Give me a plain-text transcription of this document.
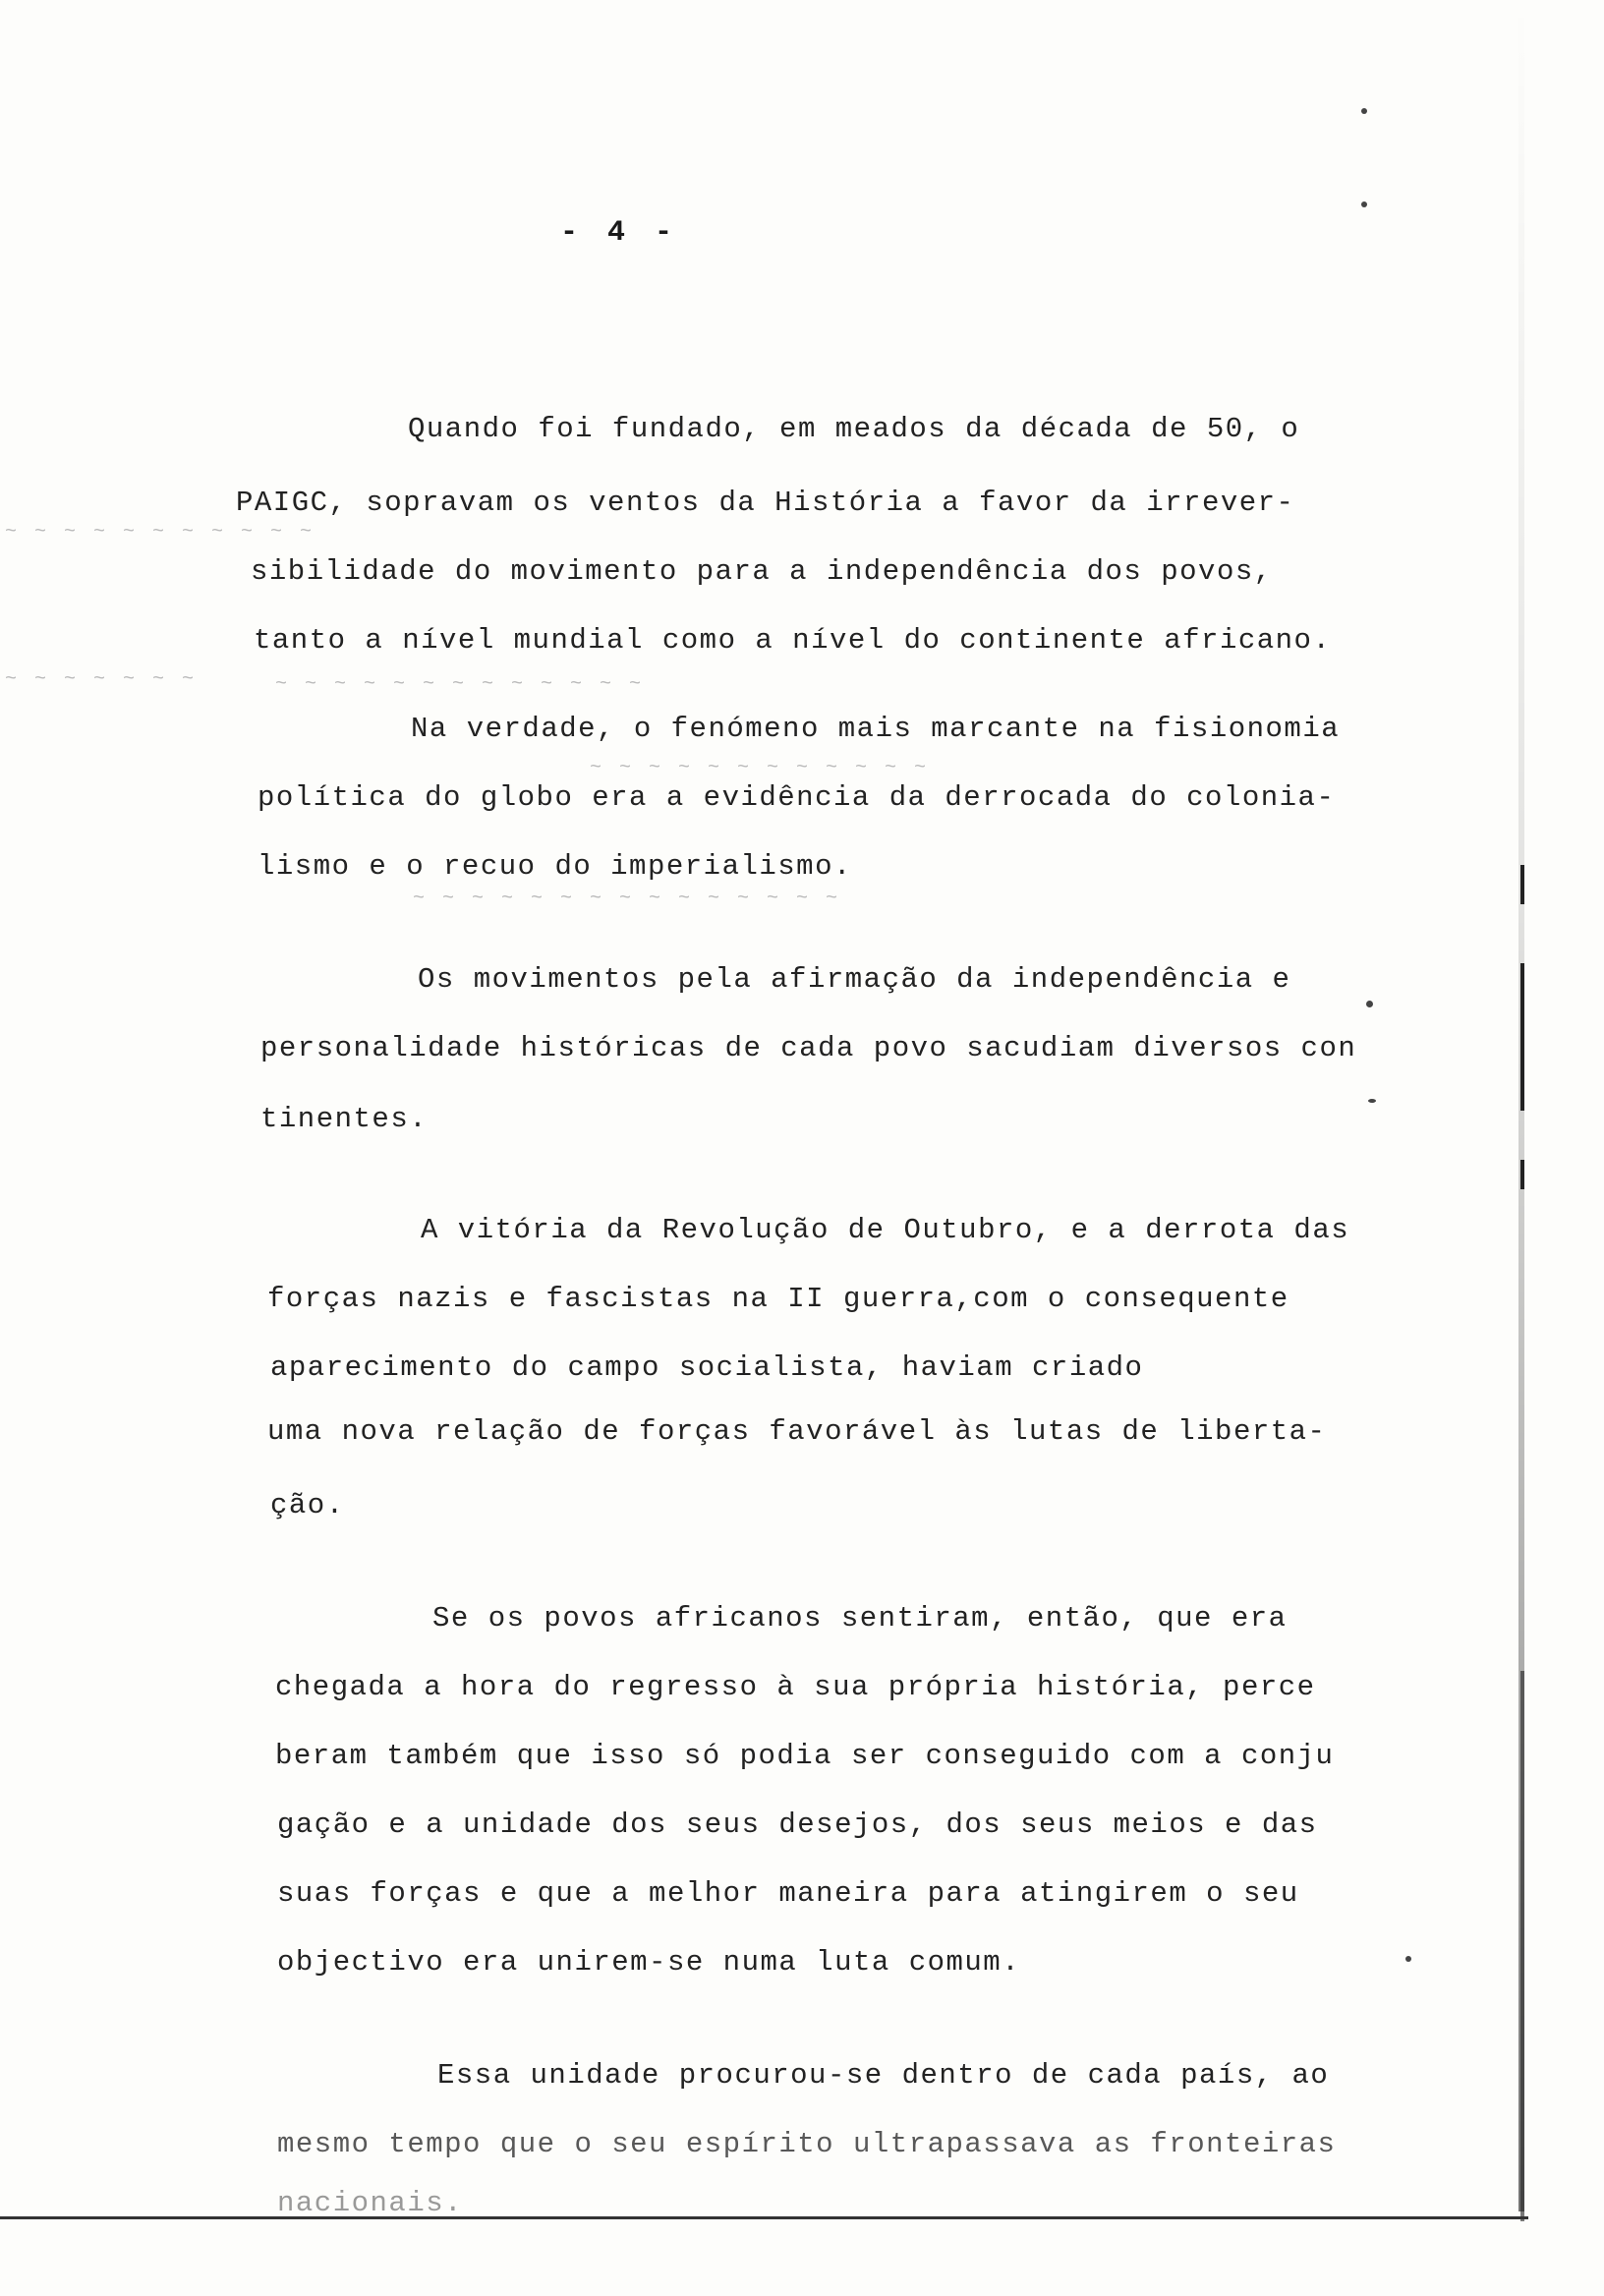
~ ~ ~ ~ ~ ~ ~ ~ ~ ~ ~
~ ~ ~ ~ ~ ~ ~	~ ~ ~ ~ ~ ~ ~ ~ ~ ~ ~ ~ ~
~ ~ ~ ~ ~ ~ ~ ~ ~ ~ ~ ~
~ ~ ~ ~ ~ ~ ~ ~ ~ ~ ~ ~ ~ ~ ~
- 4 -
Quando foi fundado, em meados da década de 50, o
PAIGC, sopravam os ventos da História a favor da irrever-
sibilidade do movimento para a independência dos povos,
tanto a nível mundial como a nível do continente africano.
Na verdade, o fenómeno mais marcante na fisionomia
política do globo era a evidência da derrocada do colonia-
lismo e o recuo do imperialismo.
Os movimentos pela afirmação da independência e
personalidade históricas de cada povo sacudiam diversos con
tinentes.
A vitória da Revolução de Outubro, e a derrota das
forças nazis e fascistas na II guerra,com o consequente
aparecimento do campo socialista, haviam criado
uma nova relação de forças favorável às lutas de liberta-
ção.
Se os povos africanos sentiram, então, que era
chegada a hora do regresso à sua própria história, perce
beram também que isso só podia ser conseguido com a conju
gação e a unidade dos seus desejos, dos seus meios e das
suas forças e que a melhor maneira para atingirem o seu
objectivo era unirem-se numa luta comum.
Essa unidade procurou-se dentro de cada país, ao
mesmo tempo que o seu espírito ultrapassava as fronteiras
nacionais.
